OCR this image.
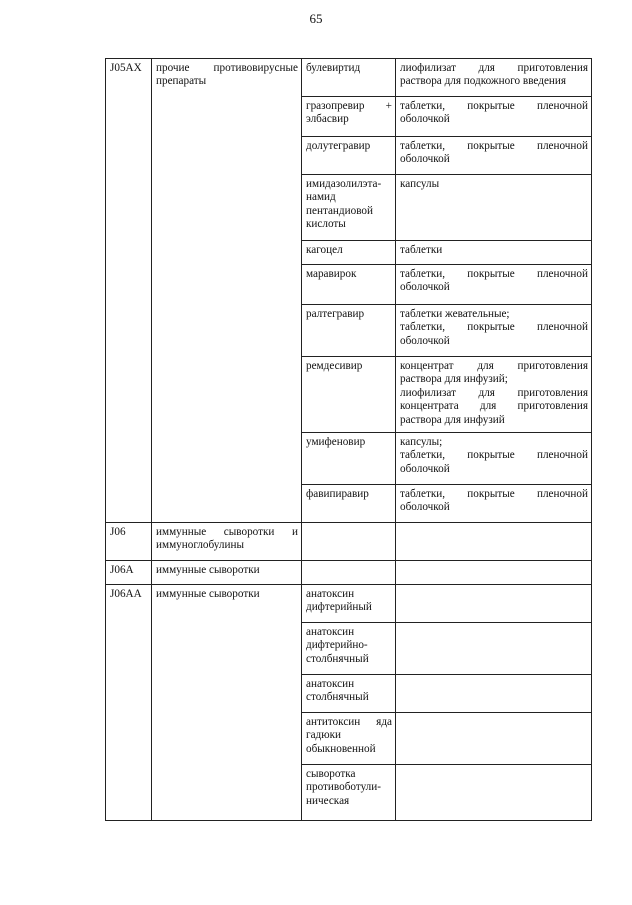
65
J05AX	прочие противовирусные препараты	булевиртид	лиофилизат для приготовления
раствора для подкожного введения

		гразопревир +
элбасвир	таблетки, покрытые пленочной
оболочкой

		долутегравир	таблетки, покрытые пленочной
оболочкой

		имидазолилэта-
намид
пентандиовой
кислоты	капсулы

		кагоцел	таблетки

		маравирок	таблетки, покрытые пленочной
оболочкой

		ралтегравир	таблетки жевательные;
таблетки, покрытые пленочной
оболочкой

		ремдесивир	концентрат для приготовления
раствора для инфузий;
лиофилизат для приготовления
концентрата для приготовления
раствора для инфузий

		умифеновир	капсулы;
таблетки, покрытые пленочной
оболочкой

		фавипиравир	таблетки, покрытые пленочной
оболочкой

J06	иммунные сыворотки и иммуноглобулины		

J06A	иммунные сыворотки		
J06AA	иммунные сыворотки	анатоксин
дифтерийный	

		анатоксин
дифтерийно-
столбнячный	

		анатоксин
столбнячный	

		антитоксин яда
гадюки
обыкновенной	

		сыворотка
противоботули-
ническая	
